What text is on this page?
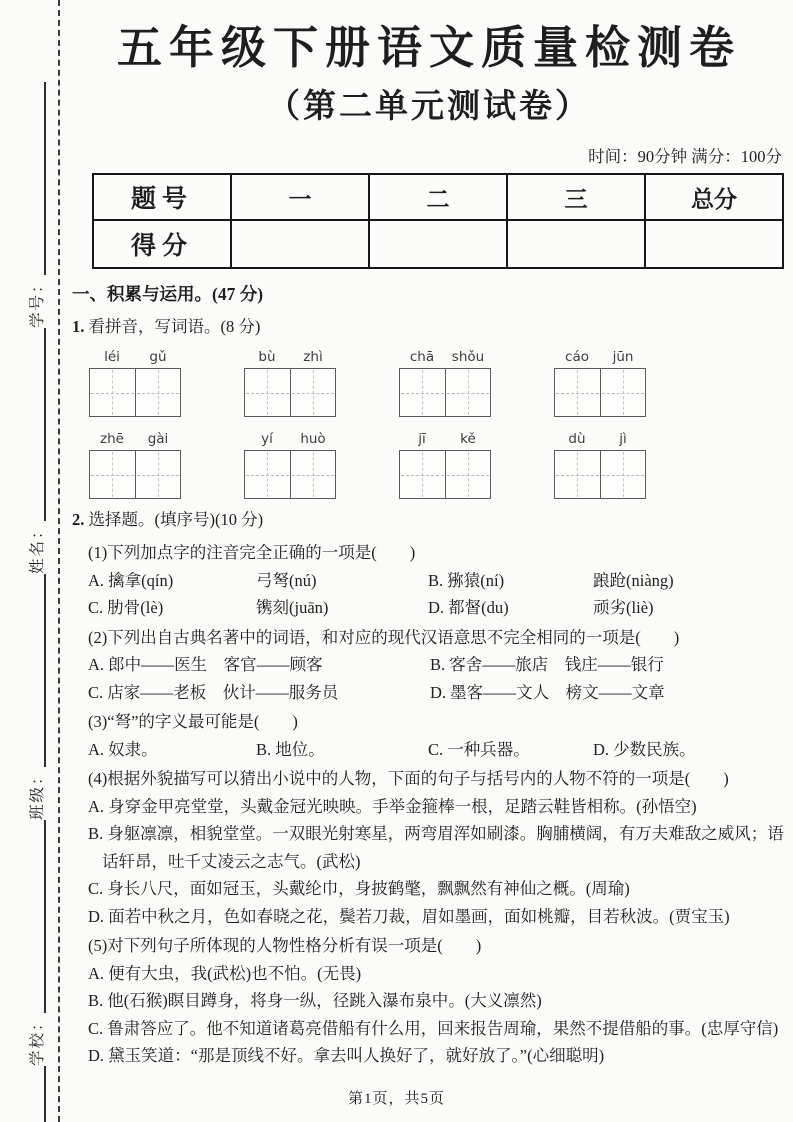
学校：
班级：
姓名：
学号：
五年级下册语文质量检测卷
（第二单元测试卷）
时间：90分钟 满分：100分
题号	一	二	三	总分
得分				
一、积累与运用。(47 分)
1. 看拼音，写词语。(8 分)
léi	gǔ	bù	zhì	chā	shǒu	cáo	jūn
zhē	gài	yí	huò	jī	kě	dù	jì
2. 选择题。(填序号)(10 分)
(1)下列加点字的注音完全正确的一项是(　　)
A. 擒 •拿(qín)	弓弩 •(nú)	B. 猕 •猿(ní)	踉 •跄(niàng)
C. 肋 •骨(lè)	镌 •刻(juān)	D. 都督 •(du)	顽劣 •(liè)
(2)下列出自古典名著中的词语，和对应的现代汉语意思不完全相同的一项是(　　)
A. 郎中——医生　 客官——顾客	B. 客舍——旅店　 钱庄——银行
C. 店家——老板　 伙计——服务员	D. 墨客——文人　 榜文——文章
(3)“弩”的字义最可能是(　　)
A. 奴隶。	B. 地位。	C. 一种兵器。	D. 少数民族。
(4)根据外貌描写可以猜出小说中的人物，下面的句子与括号内的人物不符的一项是(　　)
A. 身穿金甲亮堂堂，头戴金冠光映映。手举金箍棒一根，足踏云鞋皆相称。(孙悟空)
B. 身躯凛凛，相貌堂堂。一双眼光射寒星，两弯眉浑如刷漆。胸脯横阔，有万夫难敌之威风；语话轩昂，吐千丈凌云之志气。(武松)
C. 身长八尺，面如冠玉，头戴纶巾，身披鹤氅，飘飘然有神仙之概。(周瑜)
D. 面若中秋之月，色如春晓之花，鬓若刀裁，眉如墨画，面如桃瓣，目若秋波。(贾宝玉)
(5)对下列句子所体现的人物性格分析有误一项是(　　)
A. 便有大虫，我(武松)也不怕。(无畏)
B. 他(石猴)瞑目蹲身，将身一纵，径跳入瀑布泉中。(大义凛然)
C. 鲁肃答应了。他不知道诸葛亮借船有什么用，回来报告周瑜，果然不提借船的事。(忠厚守信)
D. 黛玉笑道：“那是顶线不好。拿去叫人换好了，就好放了。”(心细聪明)
第1页，共5页
